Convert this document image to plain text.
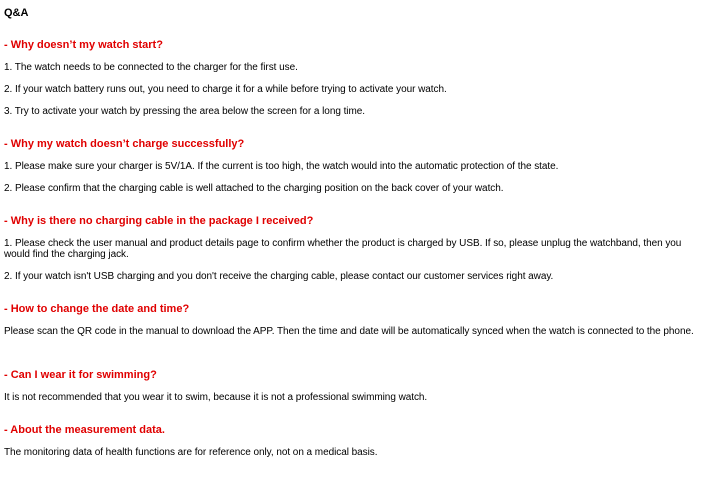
Q&A
- Why doesn’t my watch start?
1. The watch needs to be connected to the charger for the first use.
2. If your watch battery runs out, you need to charge it for a while before trying to activate your watch.
3. Try to activate your watch by pressing the area below the screen for a long time.
- Why my watch doesn’t charge successfully?
1. Please make sure your charger is 5V/1A. If the current is too high, the watch would into the automatic protection of the state.
2. Please confirm that the charging cable is well attached to the charging position on the back cover of your watch.
- Why is there no charging cable in the package I received?
1. Please check the user manual and product details page to confirm whether the product is charged by USB. If so, please unplug the watchband, then you would find the charging jack.
2. If your watch isn't USB charging and you don't receive the charging cable, please contact our customer services right away.
- How to change the date and time?
Please scan the QR code in the manual to download the APP. Then the time and date will be automatically synced when the watch is connected to the phone.
- Can I wear it for swimming?
It is not recommended that you wear it to swim, because it is not a professional swimming watch.
- About the measurement data.
The monitoring data of health functions are for reference only, not on a medical basis.
